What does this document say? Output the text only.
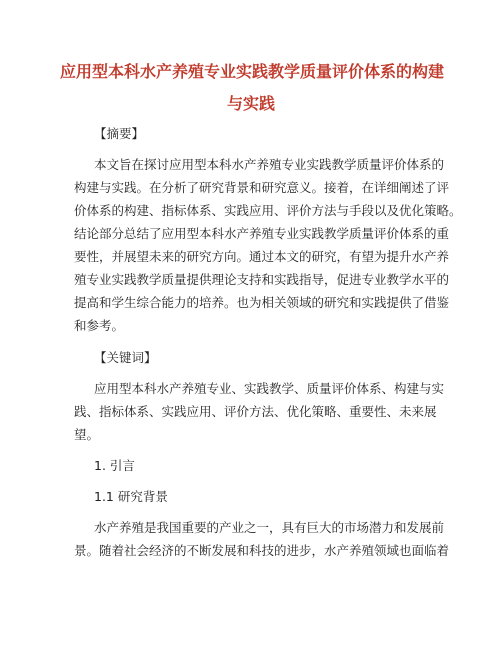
应用型本科水产养殖专业实践教学质量评价体系的构建
与实践
【摘要】
本文旨在探讨应用型本科水产养殖专业实践教学质量评价体系的
构建与实践。在分析了研究背景和研究意义。接着，在详细阐述了评
价体系的构建、指标体系、实践应用、评价方法与手段以及优化策略。
结论部分总结了应用型本科水产养殖专业实践教学质量评价体系的重
要性，并展望未来的研究方向。通过本文的研究，有望为提升水产养
殖专业实践教学质量提供理论支持和实践指导，促进专业教学水平的
提高和学生综合能力的培养。也为相关领域的研究和实践提供了借鉴
和参考。
【关键词】
应用型本科水产养殖专业、实践教学、质量评价体系、构建与实
践、指标体系、实践应用、评价方法、优化策略、重要性、未来展
望。
1. 引言
1.1 研究背景
水产养殖是我国重要的产业之一，具有巨大的市场潜力和发展前
景。随着社会经济的不断发展和科技的进步，水产养殖领域也面临着
